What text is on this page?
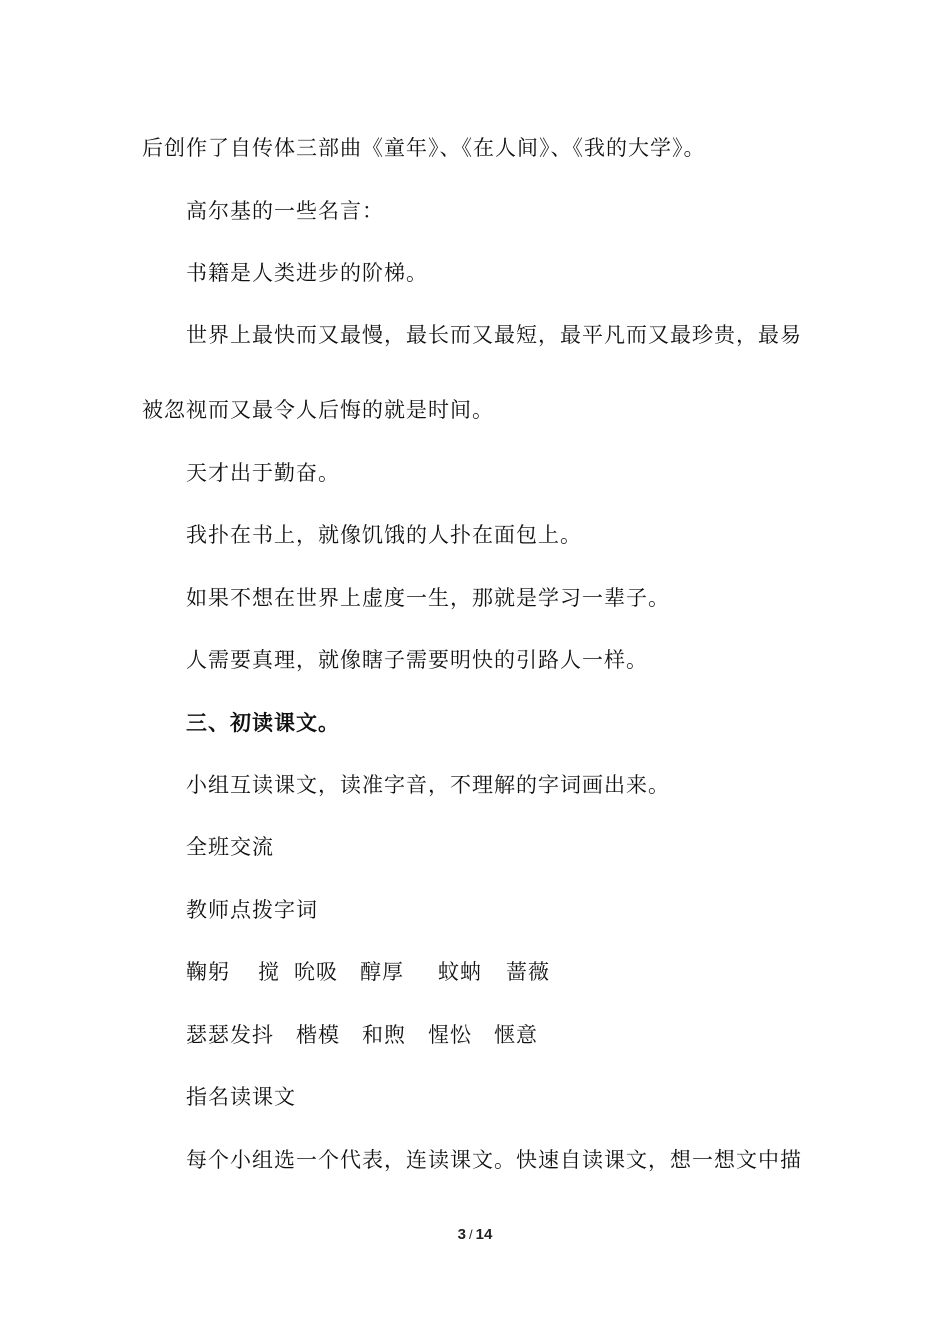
后创作了自传体三部曲《童年》、《在人间》、《我的大学》。
高尔基的一些名言：
书籍是人类进步的阶梯。
世界上最快而又最慢，最长而又最短，最平凡而又最珍贵，最易
被忽视而又最令人后悔的就是时间。
天才出于勤奋。
我扑在书上，就像饥饿的人扑在面包上。
如果不想在世界上虚度一生，那就是学习一辈子。
人需要真理，就像瞎子需要明快的引路人一样。
三、初读课文。
小组互读课文，读准字音，不理解的字词画出来。
全班交流
教师点拨字词
鞠躬 搅 吮吸 醇厚 蚊蚋 蔷薇
瑟瑟发抖 楷模 和煦 惺忪 惬意
指名读课文
每个小组选一个代表，连读课文。快速自读课文，想一想文中描
3 / 14
